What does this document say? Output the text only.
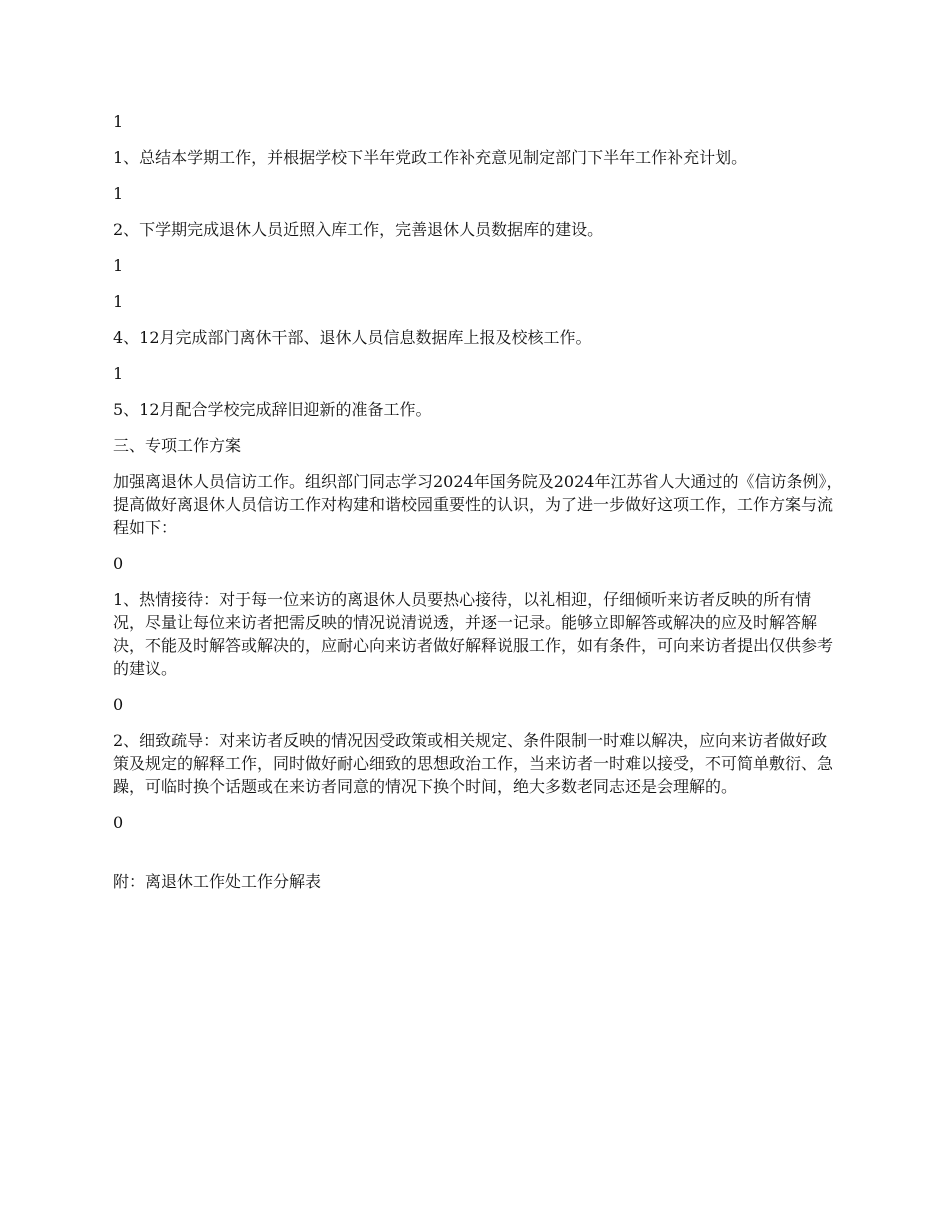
1

1、总结本学期工作，并根据学校下半年党政工作补充意见制定部门下半年工作补充计划。

1

2、下学期完成退休人员近照入库工作，完善退休人员数据库的建设。

1

1

4、12月完成部门离休干部、退休人员信息数据库上报及校核工作。

1

5、12月配合学校完成辞旧迎新的准备工作。

三、专项工作方案

加强离退休人员信访工作。组织部门同志学习2024年国务院及2024年江苏省人大通过的《信访条例》，提高做好离退休人员信访工作对构建和谐校园重要性的认识，为了进一步做好这项工作，工作方案与流程如下：

0

1、热情接待：对于每一位来访的离退休人员要热心接待，以礼相迎，仔细倾听来访者反映的所有情况，尽量让每位来访者把需反映的情况说清说透，并逐一记录。能够立即解答或解决的应及时解答解决，不能及时解答或解决的，应耐心向来访者做好解释说服工作，如有条件，可向来访者提出仅供参考的建议。

0

2、细致疏导：对来访者反映的情况因受政策或相关规定、条件限制一时难以解决，应向来访者做好政策及规定的解释工作，同时做好耐心细致的思想政治工作，当来访者一时难以接受，不可简单敷衍、急躁，可临时换个话题或在来访者同意的情况下换个时间，绝大多数老同志还是会理解的。

0

附：离退休工作处工作分解表
